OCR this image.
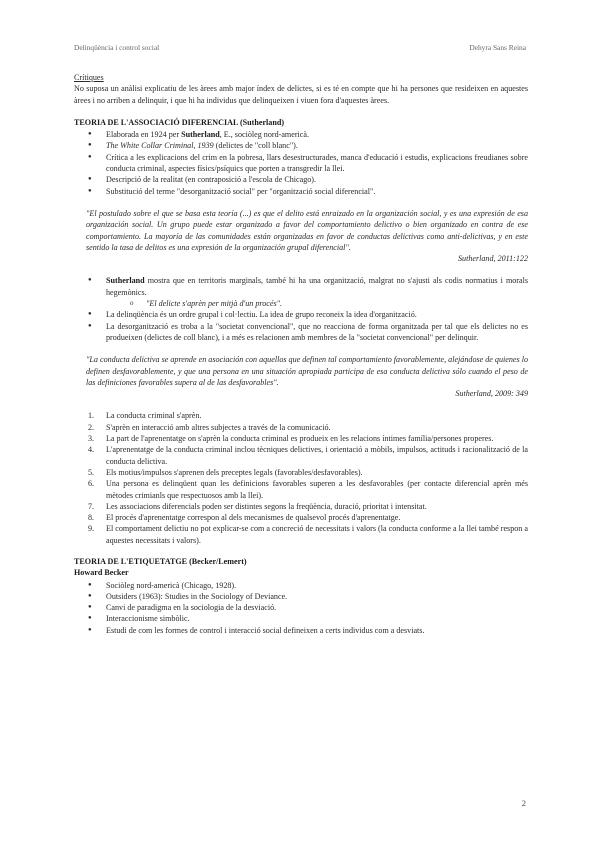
Delinqüència i control social	Dehyra Sans Reina

Crítiques

No suposa un anàlisi explicatiu de les àrees amb major índex de delictes, si es té en compte que hi ha persones que resideixen en aquestes àrees i no arriben a delinquir, i que hi ha individus que delinqueixen i viuen fora d'aquestes àrees.

TEORIA DE L'ASSOCIACIÓ DIFERENCIAL (Sutherland)

● Elaborada en 1924 per Sutherland, E., sociòleg nord-americà.
● The White Collar Criminal, 1939 (delictes de "coll blanc").
● Crítica a les explicacions del crim en la pobresa, llars desestructurades, manca d'educació i estudis, explicacions freudianes sobre conducta criminal, aspectes físics/psíquics que porten a transgredir la llei.
● Descripció de la realitat (en contraposició a l'escola de Chicago).
● Substitució del terme "desorganització social" per "organització social diferencial".

"El postulado sobre el que se basa esta teoría (...) es que el delito está enraizado en la organización social, y es una expresión de esa organización social. Un grupo puede estar organizado a favor del comportamiento delictivo o bien organizado en contra de ese comportamiento. La mayoría de las comunidades están organizadas en favor de conductas delictivas como anti-delictivas, y en este sentido la tasa de delitos es una expresión de la organización grupal diferencial".

Sutherland, 2011:122

● Sutherland mostra que en territoris marginals, també hi ha una organització, malgrat no s'ajusti als codis normatius i morals hegemònics.
o "El delicte s'aprèn per mitjà d'un procés".
● La delinqüència és un ordre grupal i col·lectiu. La idea de grupo reconeix la idea d'organització.
● La desorganització es troba a la "societat convencional", que no reacciona de forma organitzada per tal que els delictes no es produeixen (delictes de coll blanc), i a més es relacionen amb membres de la "societat convencional" per delinquir.

"La conducta delictiva se aprende en asociación con aquellos que definen tal comportamiento favorablemente, alejándose de quienes lo definen desfavorablemente, y que una persona en una situación apropiada participa de esa conducta delictiva sólo cuando el peso de las definiciones favorables supera al de las desfavorables".

Sutherland, 2009: 349

1. La conducta criminal s'aprèn.
2. S'aprèn en interacció amb altres subjectes a través de la comunicació.
3. La part de l'aprenentatge on s'aprèn la conducta criminal es produeix en les relacions íntimes família/persones properes.
4. L'aprenentatge de la conducta criminal inclou tècniques delictives, i orientació a mòbils, impulsos, actituds i racionalització de la conducta delictiva.
5. Els motius/impulsos s'aprenen dels preceptes legals (favorables/desfavorables).
6. Una persona es delinqüent quan les definicions favorables superen a les desfavorables (per contacte diferencial aprèn més mètodes crimianls que respectuosos amb la llei).
7. Les associacions diferencials poden ser distintes segons la freqüència, duració, prioritat i intensitat.
8. El procés d'aprenentatge correspon al dels mecanismes de qualsevol procés d'aprenentatge.
9. El comportament delictiu no pot explicar-se com a concreció de necessitats i valors (la conducta conforme a la llei també respon a aquestes necessitats i valors).

TEORIA DE L'ETIQUETATGE (Becker/Lemert)

Howard Becker

● Sociòleg nord-americà (Chicago, 1928).
● Outsiders (1963): Studies in the Sociology of Deviance.
● Canvi de paradigma en la sociologia de la desviació.
● Interaccionisme simbòlic.
● Estudi de com les formes de control i interacció social defineixen a certs individus com a desviats.
2
